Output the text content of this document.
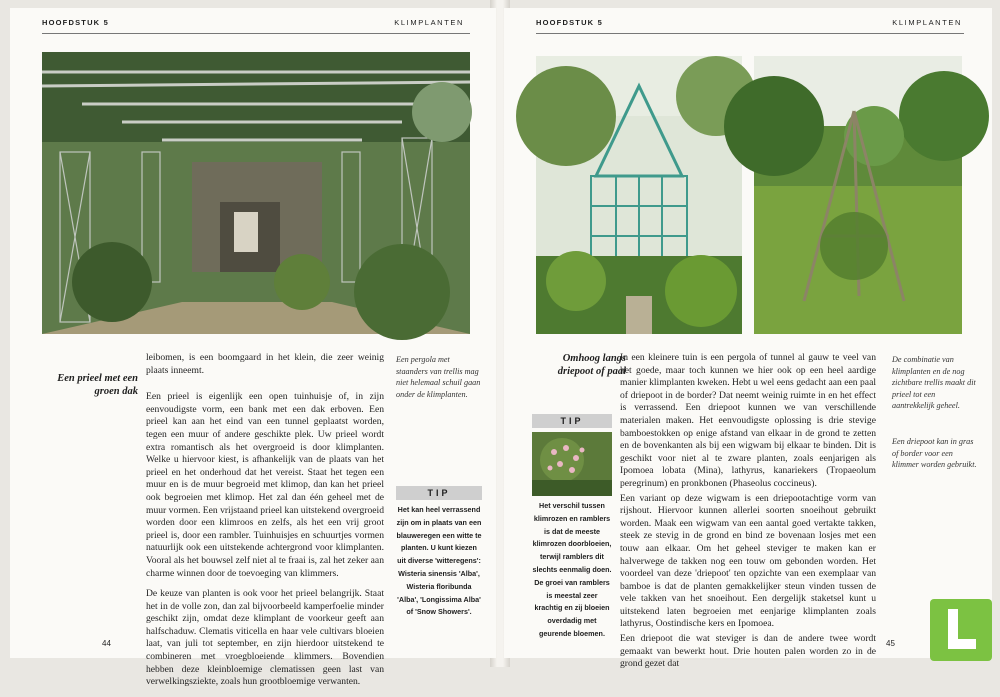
HOOFDSTUK 5	KLIMPLANTEN
Een pergola met staanders van trellis mag niet helemaal schuil gaan onder de klimplanten.

leibomen, is een boomgaard in het klein, die zeer weinig plaats inneemt.

Een prieel is eigenlijk een open tuinhuisje of, in zijn eenvoudigste vorm, een bank met een dak erboven. Een prieel kan aan het eind van een tunnel geplaatst worden, tegen een muur of andere geschikte plek. Uw prieel wordt extra romantisch als het overgroeid is door klimplanten. Welke u hiervoor kiest, is afhankelijk van de plaats van het prieel en het onderhoud dat het vereist. Staat het tegen een muur en is de muur begroeid met klimop, dan kan het prieel ook begroeien met klimop. Het zal dan één geheel met de muur vormen. Een vrijstaand prieel kan uitstekend overgroeid worden door een klimroos en zelfs, als het een vrij groot prieel is, door een rambler. Tuinhuisjes en schuurtjes vormen natuurlijk ook een uitstekende achtergrond voor klimplanten. Vooral als het bouwsel zelf niet al te fraai is, zal het zeker aan charme winnen door de toevoeging van klimmers.

De keuze van planten is ook voor het prieel belangrijk. Staat het in de volle zon, dan zal bijvoorbeeld kamperfoelie minder geschikt zijn, omdat deze klimplant de voorkeur geeft aan halfschaduw. Clematis viticella en haar vele cultivars bloeien laat, van juli tot september, en zijn hierdoor uitstekend te combineren met vroegbloeiende klimmers. Bovendien hebben deze kleinbloemige clematissen geen last van verwelkingsziekte, zoals hun grootbloemige verwanten.

Een prieel met een groen dak
TIP
Het kan heel verrassend zijn om in plaats van een blauweregen een witte te planten. U kunt kiezen uit diverse 'witteregens': Wisteria sinensis 'Alba', Wisteria floribunda 'Alba', 'Longissima Alba' of 'Snow Showers'.
44
HOOFDSTUK 5	KLIMPLANTEN
De combinatie van klimplanten en de nog zichtbare trellis maakt dit prieel tot een aantrekkelijk geheel.
Een driepoot kan in gras of border voor een klimmer worden gebruikt.
Omhoog langs driepoot of paal
TIP
Het verschil tussen klimrozen en ramblers is dat de meeste klimrozen doorbloeien, terwijl ramblers dit slechts eenmalig doen. De groei van ramblers is meestal zeer krachtig en zij bloeien overdadig met geurende bloemen.

In een kleinere tuin is een pergola of tunnel al gauw te veel van het goede, maar toch kunnen we hier ook op een heel aardige manier klimplanten kweken. Hebt u wel eens gedacht aan een paal of driepoot in de border? Dat neemt weinig ruimte in en het effect is verrassend. Een driepoot kunnen we van verschillende materialen maken. Het eenvoudigste oplossing is drie stevige bamboestokken op enige afstand van elkaar in de grond te zetten en de bovenkanten als bij een wigwam bij elkaar te binden. Dit is geschikt voor niet al te zware planten, zoals eenjarigen als Ipomoea lobata (Mina), lathyrus, kanariekers (Tropaeolum peregrinum) en pronkbonen (Phaseolus coccineus).

Een variant op deze wigwam is een driepootachtige vorm van rijshout. Hiervoor kunnen allerlei soorten snoeihout gebruikt worden. Maak een wigwam van een aantal goed vertakte takken, steek ze stevig in de grond en bind ze bovenaan losjes met een touw aan elkaar. Om het geheel steviger te maken kan er halverwege de takken nog een touw om gebonden worden. Het voordeel van deze 'driepoot' ten opzichte van een exemplaar van bamboe is dat de planten gemakkelijker steun vinden tussen de vele takken van het snoeihout. Een dergelijk staketsel kunt u uitstekend laten begroeien met eenjarige klimplanten zoals lathyrus, Oostindische kers en Ipomoea.

Een driepoot die wat steviger is dan de andere twee wordt gemaakt van bewerkt hout. Drie houten palen worden zo in de grond gezet dat

45
